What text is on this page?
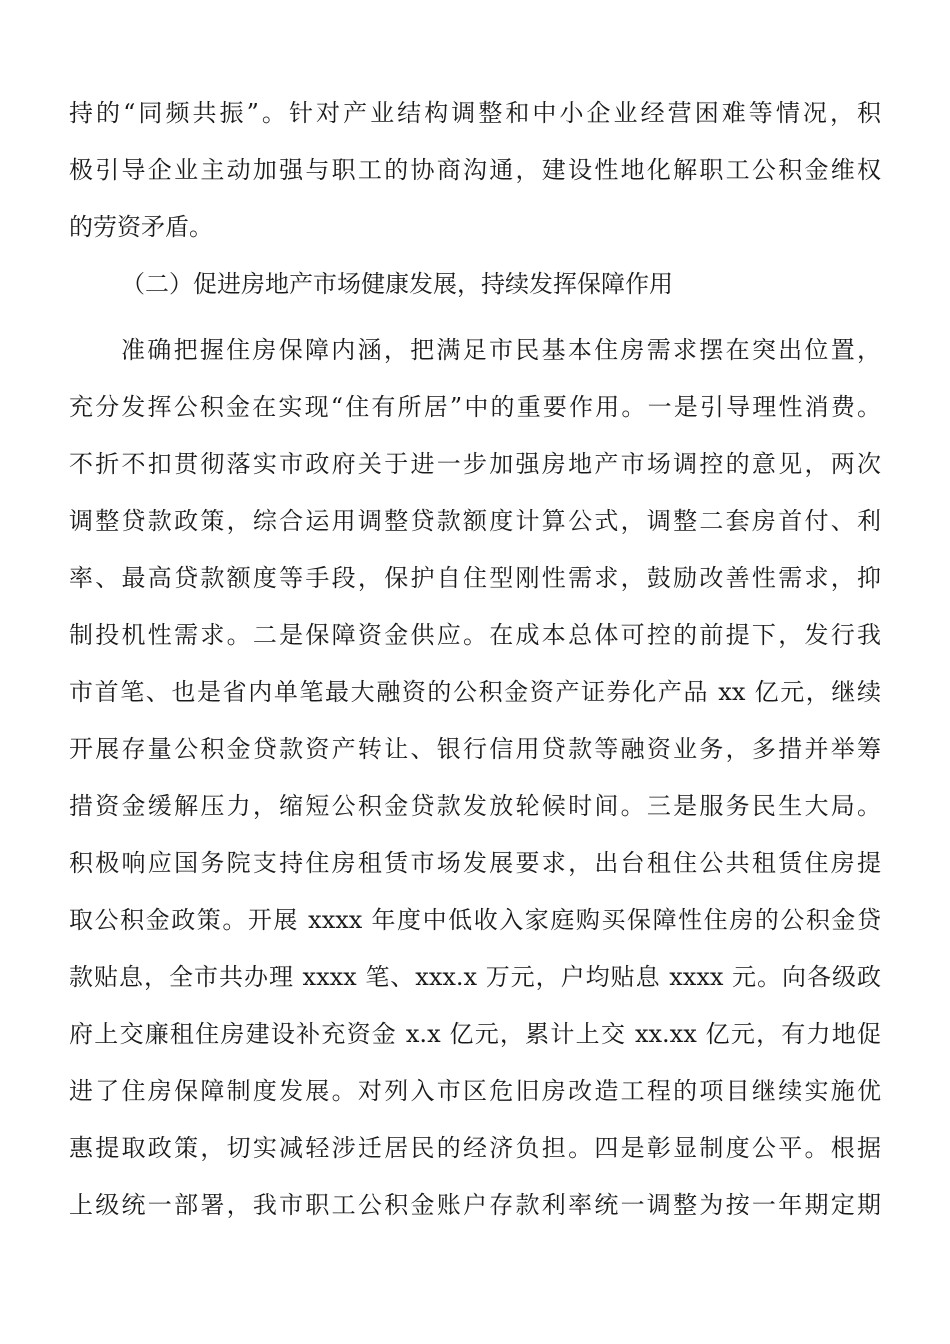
持的“同频共振”。针对产业结构调整和中小企业经营困难等情况，积
极引导企业主动加强与职工的协商沟通，建设性地化解职工公积金维权
的劳资矛盾。
（二）促进房地产市场健康发展，持续发挥保障作用
准确把握住房保障内涵，把满足市民基本住房需求摆在突出位置，
充分发挥公积金在实现“住有所居”中的重要作用。一是引导理性消费。
不折不扣贯彻落实市政府关于进一步加强房地产市场调控的意见，两次
调整贷款政策，综合运用调整贷款额度计算公式，调整二套房首付、利
率、最高贷款额度等手段，保护自住型刚性需求，鼓励改善性需求，抑
制投机性需求。二是保障资金供应。在成本总体可控的前提下，发行我
市首笔、也是省内单笔最大融资的公积金资产证券化产品 xx 亿元，继续
开展存量公积金贷款资产转让、银行信用贷款等融资业务，多措并举筹
措资金缓解压力，缩短公积金贷款发放轮候时间。三是服务民生大局。
积极响应国务院支持住房租赁市场发展要求，出台租住公共租赁住房提
取公积金政策。开展 xxxx 年度中低收入家庭购买保障性住房的公积金贷
款贴息，全市共办理 xxxx 笔、xxx.x 万元，户均贴息 xxxx 元。向各级政
府上交廉租住房建设补充资金 x.x 亿元，累计上交 xx.xx 亿元，有力地促
进了住房保障制度发展。对列入市区危旧房改造工程的项目继续实施优
惠提取政策，切实减轻涉迁居民的经济负担。四是彰显制度公平。根据
上级统一部署，我市职工公积金账户存款利率统一调整为按一年期定期
